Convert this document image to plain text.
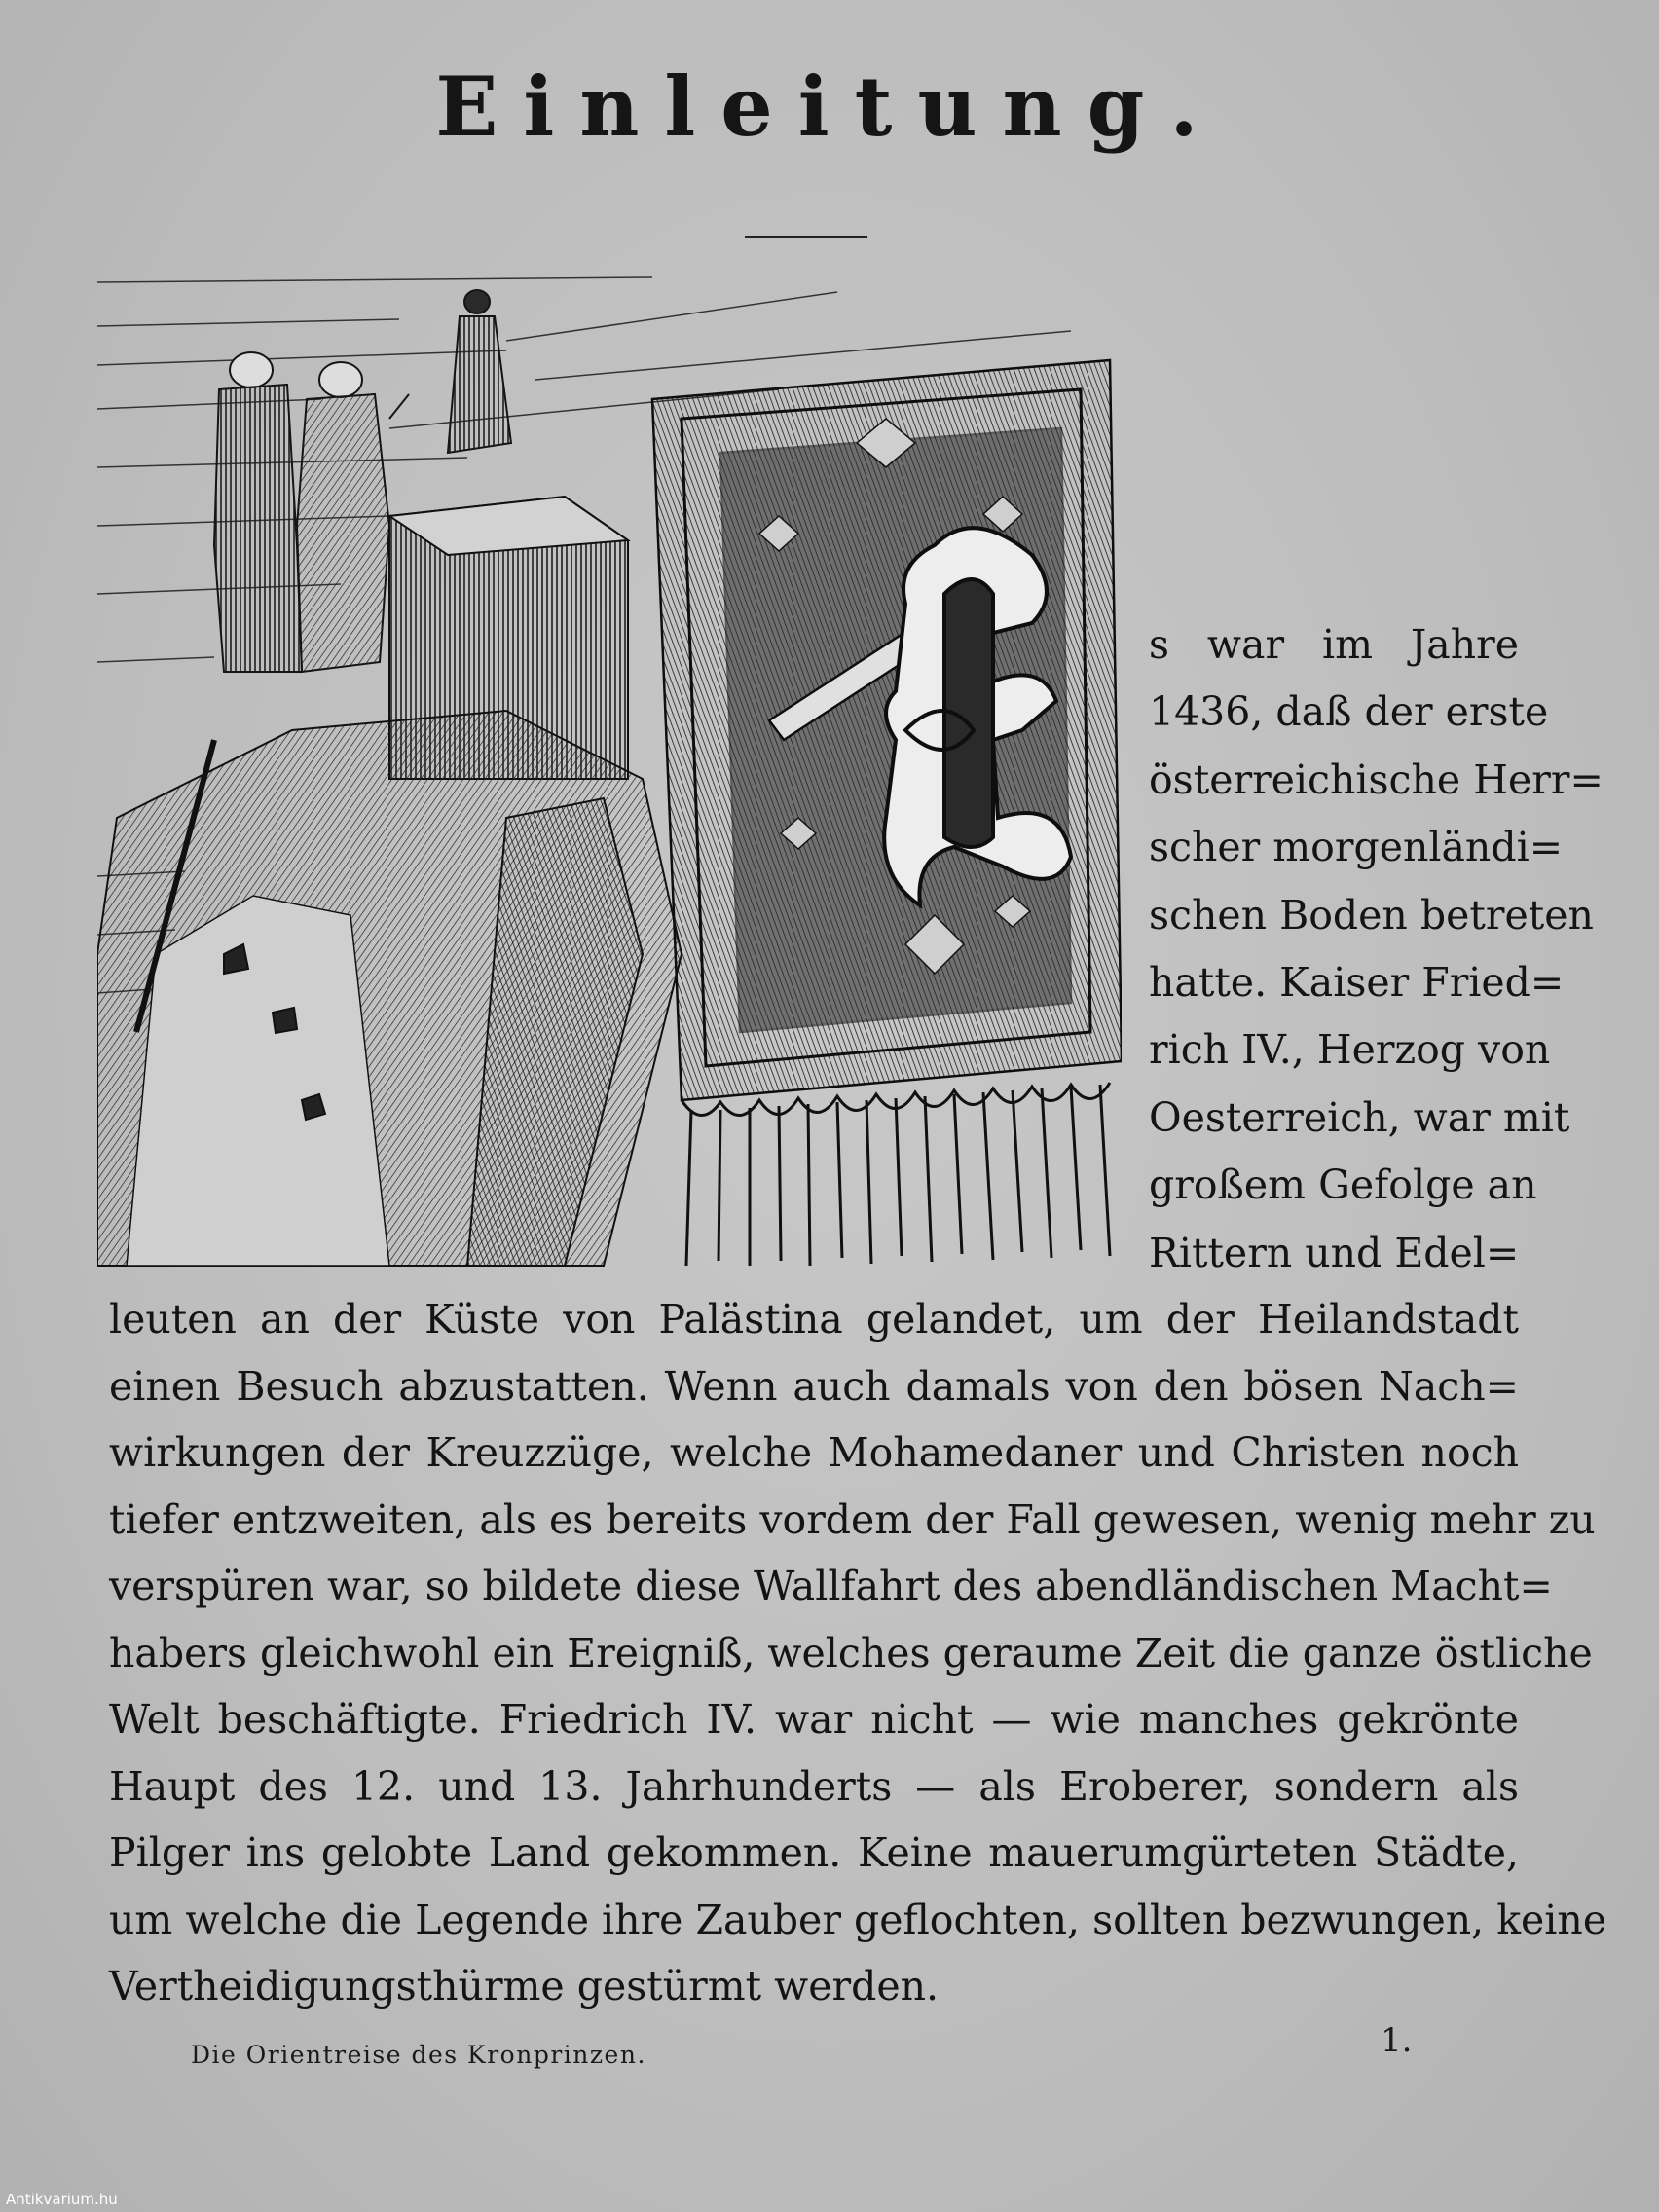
Einleitung.
s war im Jahre
1436, daß der erste
österreichische Herr=
scher morgenländi=
schen Boden betreten
hatte. Kaiser Fried=
rich IV., Herzog von
Oesterreich, war mit
großem Gefolge an
Rittern und Edel=
leuten an der Küste von Palästina gelandet, um der Heilandstadt
einen Besuch abzustatten. Wenn auch damals von den bösen Nach=
wirkungen der Kreuzzüge, welche Mohamedaner und Christen noch
tiefer entzweiten, als es bereits vordem der Fall gewesen, wenig mehr zu
verspüren war, so bildete diese Wallfahrt des abendländischen Macht=
habers gleichwohl ein Ereigniß, welches geraume Zeit die ganze östliche
Welt beschäftigte. Friedrich IV. war nicht — wie manches gekrönte
Haupt des 12. und 13. Jahrhunderts — als Eroberer, sondern als
Pilger ins gelobte Land gekommen. Keine mauerumgürteten Städte,
um welche die Legende ihre Zauber geflochten, sollten bezwungen, keine
Vertheidigungsthürme gestürmt werden.
Die Orientreise des Kronprinzen.	1.
Antikvarium.hu
